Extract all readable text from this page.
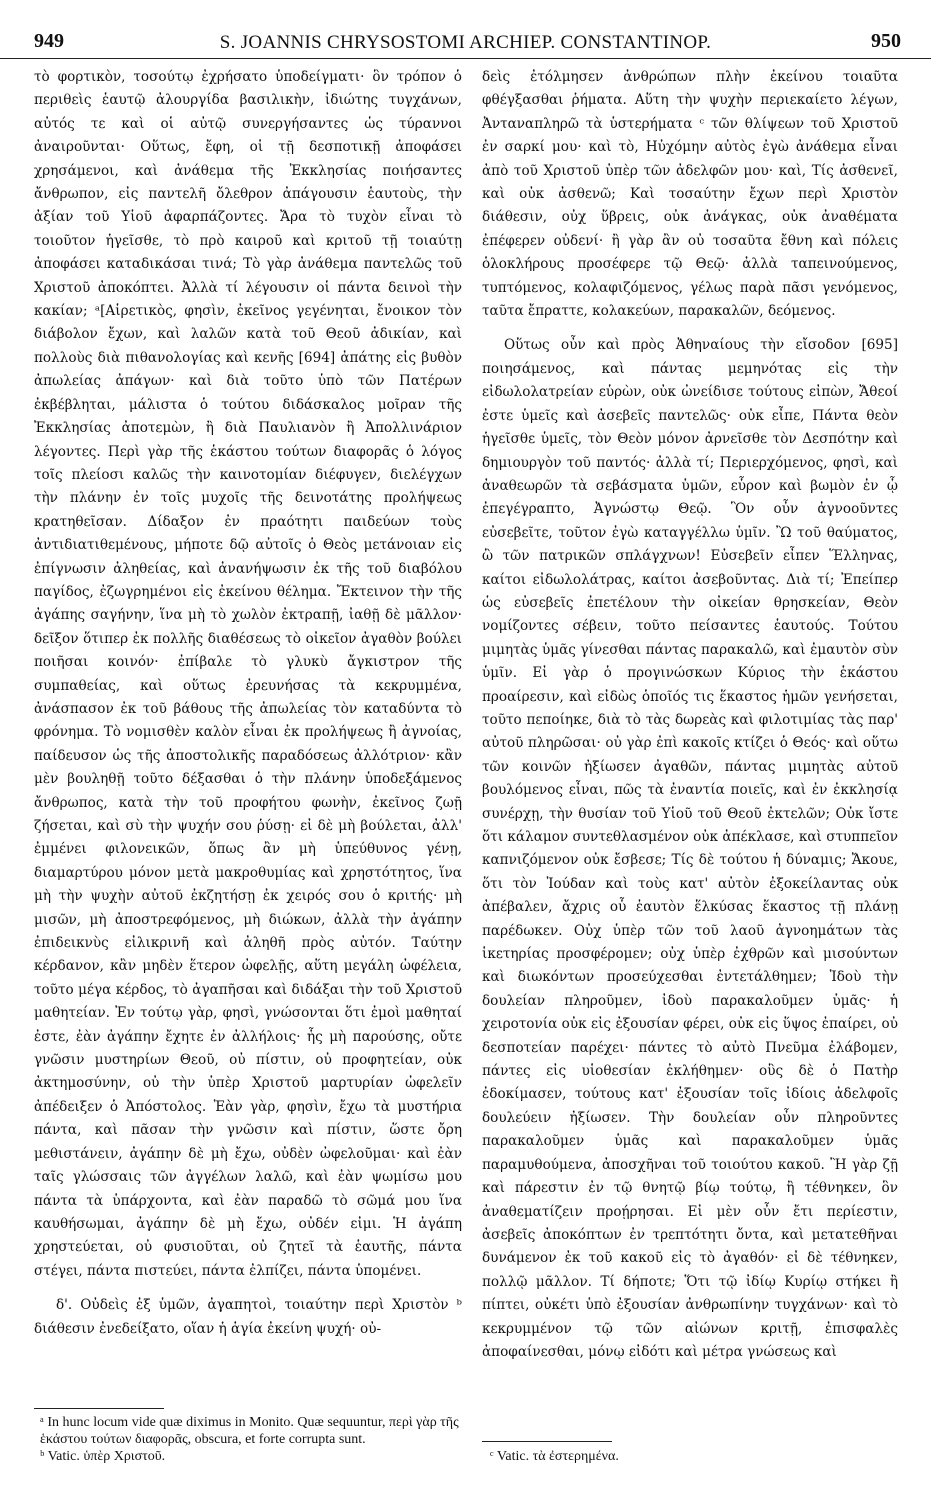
949	S. JOANNIS CHRYSOSTOMI ARCHIEP. CONSTANTINOP.	950

τὸ φορτικὸν, τοσούτῳ ἐχρήσατο ὑποδείγματι· ὃν τρόπον ὁ περιθεὶς ἑαυτῷ ἀλουργίδα βασιλικὴν, ἰδιώτης τυγχάνων, αὐτός τε καὶ οἱ αὐτῷ συνεργήσαντες ὡς τύραννοι ἀναιροῦνται· Οὕτως, ἔφη, οἱ τῇ δεσποτικῇ ἀποφάσει χρησάμενοι, καὶ ἀνάθεμα τῆς Ἐκκλησίας ποιήσαντες ἄνθρωπον, εἰς παντελῆ ὄλεθρον ἀπάγουσιν ἑαυτοὺς, τὴν ἀξίαν τοῦ Υἱοῦ ἀφαρπάζοντες. Ἄρα τὸ τυχὸν εἶναι τὸ τοιοῦτον ἡγεῖσθε, τὸ πρὸ καιροῦ καὶ κριτοῦ τῇ τοιαύτῃ ἀποφάσει καταδικάσαι τινά; Τὸ γὰρ ἀνάθεμα παντελῶς τοῦ Χριστοῦ ἀποκόπτει. Ἀλλὰ τί λέγουσιν οἱ πάντα δεινοὶ τὴν κακίαν; ᵃ[Αἱρετικὸς, φησὶν, ἐκεῖνος γεγένηται, ἔνοικον τὸν διάβολον ἔχων, καὶ λαλῶν κατὰ τοῦ Θεοῦ ἀδικίαν, καὶ πολλοὺς διὰ πιθανολογίας καὶ κενῆς [694] ἀπάτης εἰς βυθὸν ἀπωλείας ἀπάγων· καὶ διὰ τοῦτο ὑπὸ τῶν Πατέρων ἐκβέβληται, μάλιστα ὁ τούτου διδάσκαλος μοῖραν τῆς Ἐκκλησίας ἀποτεμὼν, ἢ διὰ Παυλιανὸν ἢ Ἀπολλινάριον λέγοντες. Περὶ γὰρ τῆς ἑκάστου τούτων διαφορᾶς ὁ λόγος τοῖς πλείοσι καλῶς τὴν καινοτομίαν διέφυγεν, διελέγχων τὴν πλάνην ἐν τοῖς μυχοῖς τῆς δεινοτάτης προλήψεως κρατηθεῖσαν. Δίδαξον ἐν πραότητι παιδεύων τοὺς ἀντιδιατιθεμένους, μήποτε δῷ αὐτοῖς ὁ Θεὸς μετάνοιαν εἰς ἐπίγνωσιν ἀληθείας, καὶ ἀνανήψωσιν ἐκ τῆς τοῦ διαβόλου παγίδος, ἐζωγρημένοι εἰς ἐκείνου θέλημα. Ἔκτεινον τὴν τῆς ἀγάπης σαγήνην, ἵνα μὴ τὸ χωλὸν ἐκτραπῇ, ἰαθῇ δὲ μᾶλλον· δεῖξον ὅτιπερ ἐκ πολλῆς διαθέσεως τὸ οἰκεῖον ἀγαθὸν βούλει ποιῆσαι κοινόν· ἐπίβαλε τὸ γλυκὺ ἄγκιστρον τῆς συμπαθείας, καὶ οὕτως ἐρευνήσας τὰ κεκρυμμένα, ἀνάσπασον ἐκ τοῦ βάθους τῆς ἀπωλείας τὸν καταδύντα τὸ φρόνημα. Τὸ νομισθὲν καλὸν εἶναι ἐκ προλήψεως ἢ ἀγνοίας, παίδευσον ὡς τῆς ἀποστολικῆς παραδόσεως ἀλλότριον· κἂν μὲν βουληθῇ τοῦτο δέξασθαι ὁ τὴν πλάνην ὑποδεξάμενος ἄνθρωπος, κατὰ τὴν τοῦ προφήτου φωνὴν, ἐκεῖνος ζωῇ ζήσεται, καὶ σὺ τὴν ψυχήν σου ῥύσῃ· εἰ δὲ μὴ βούλεται, ἀλλ' ἐμμένει φιλονεικῶν, ὅπως ἂν μὴ ὑπεύθυνος γένῃ, διαμαρτύρου μόνον μετὰ μακροθυμίας καὶ χρηστότητος, ἵνα μὴ τὴν ψυχὴν αὐτοῦ ἐκζητήσῃ ἐκ χειρός σου ὁ κριτής· μὴ μισῶν, μὴ ἀποστρεφόμενος, μὴ διώκων, ἀλλὰ τὴν ἀγάπην ἐπιδεικνὺς εἰλικρινῆ καὶ ἀληθῆ πρὸς αὐτόν. Ταύτην κέρδανον, κἂν μηδὲν ἕτερον ὠφελῇς, αὕτη μεγάλη ὠφέλεια, τοῦτο μέγα κέρδος, τὸ ἀγαπῆσαι καὶ διδάξαι τὴν τοῦ Χριστοῦ μαθητείαν. Ἐν τούτῳ γὰρ, φησὶ, γνώσονται ὅτι ἐμοὶ μαθηταί ἐστε, ἐὰν ἀγάπην ἔχητε ἐν ἀλλήλοις· ἧς μὴ παρούσης, οὔτε γνῶσιν μυστηρίων Θεοῦ, οὐ πίστιν, οὐ προφητείαν, οὐκ ἀκτημοσύνην, οὐ τὴν ὑπὲρ Χριστοῦ μαρτυρίαν ὠφελεῖν ἀπέδειξεν ὁ Ἀπόστολος. Ἐὰν γὰρ, φησὶν, ἔχω τὰ μυστήρια πάντα, καὶ πᾶσαν τὴν γνῶσιν καὶ πίστιν, ὥστε ὄρη μεθιστάνειν, ἀγάπην δὲ μὴ ἔχω, οὐδὲν ὠφελοῦμαι· καὶ ἐὰν ταῖς γλώσσαις τῶν ἀγγέλων λαλῶ, καὶ ἐὰν ψωμίσω μου πάντα τὰ ὑπάρχοντα, καὶ ἐὰν παραδῶ τὸ σῶμά μου ἵνα καυθήσωμαι, ἀγάπην δὲ μὴ ἔχω, οὐδέν εἰμι. Ἡ ἀγάπη χρηστεύεται, οὐ φυσιοῦται, οὐ ζητεῖ τὰ ἑαυτῆς, πάντα στέγει, πάντα πιστεύει, πάντα ἐλπίζει, πάντα ὑπομένει.

δ'. Οὐδεὶς ἐξ ὑμῶν, ἀγαπητοὶ, τοιαύτην περὶ Χριστὸν ᵇ διάθεσιν ἐνεδείξατο, οἵαν ἡ ἁγία ἐκείνη ψυχή· οὐ-

δεὶς ἐτόλμησεν ἀνθρώπων πλὴν ἐκείνου τοιαῦτα φθέγξασθαι ῥήματα. Αὕτη τὴν ψυχὴν περιεκαίετο λέγων, Ἀνταναπληρῶ τὰ ὑστερήματα ᶜ τῶν θλίψεων τοῦ Χριστοῦ ἐν σαρκί μου· καὶ τὸ, Ηὐχόμην αὐτὸς ἐγὼ ἀνάθεμα εἶναι ἀπὸ τοῦ Χριστοῦ ὑπὲρ τῶν ἀδελφῶν μου· καὶ, Τίς ἀσθενεῖ, καὶ οὐκ ἀσθενῶ; Καὶ τοσαύτην ἔχων περὶ Χριστὸν διάθεσιν, οὐχ ὕβρεις, οὐκ ἀνάγκας, οὐκ ἀναθέματα ἐπέφερεν οὐδενί· ἢ γὰρ ἂν οὐ τοσαῦτα ἔθνη καὶ πόλεις ὁλοκλήρους προσέφερε τῷ Θεῷ· ἀλλὰ ταπεινούμενος, τυπτόμενος, κολαφιζόμενος, γέλως παρὰ πᾶσι γενόμενος, ταῦτα ἔπραττε, κολακεύων, παρακαλῶν, δεόμενος.

Οὕτως οὖν καὶ πρὸς Ἀθηναίους τὴν εἴσοδον [695] ποιησάμενος, καὶ πάντας μεμηνότας εἰς τὴν εἰδωλολατρείαν εὑρὼν, οὐκ ὠνείδισε τούτους εἰπὼν, Ἄθεοί ἐστε ὑμεῖς καὶ ἀσεβεῖς παντελῶς· οὐκ εἶπε, Πάντα θεὸν ἡγεῖσθε ὑμεῖς, τὸν Θεὸν μόνον ἀρνεῖσθε τὸν Δεσπότην καὶ δημιουργὸν τοῦ παντός· ἀλλὰ τί; Περιερχόμενος, φησὶ, καὶ ἀναθεωρῶν τὰ σεβάσματα ὑμῶν, εὗρον καὶ βωμὸν ἐν ᾧ ἐπεγέγραπτο, Ἀγνώστῳ Θεῷ. Ὃν οὖν ἀγνοοῦντες εὐσεβεῖτε, τοῦτον ἐγὼ καταγγέλλω ὑμῖν. Ὢ τοῦ θαύματος, ὢ τῶν πατρικῶν σπλάγχνων! Εὐσεβεῖν εἶπεν Ἕλληνας, καίτοι εἰδωλολάτρας, καίτοι ἀσεβοῦντας. Διὰ τί; Ἐπείπερ ὡς εὐσεβεῖς ἐπετέλουν τὴν οἰκείαν θρησκείαν, Θεὸν νομίζοντες σέβειν, τοῦτο πείσαντες ἑαυτούς. Τούτου μιμητὰς ὑμᾶς γίνεσθαι πάντας παρακαλῶ, καὶ ἐμαυτὸν σὺν ὑμῖν. Εἰ γὰρ ὁ προγινώσκων Κύριος τὴν ἑκάστου προαίρεσιν, καὶ εἰδὼς ὁποῖός τις ἕκαστος ἡμῶν γενήσεται, τοῦτο πεποίηκε, διὰ τὸ τὰς δωρεὰς καὶ φιλοτιμίας τὰς παρ' αὐτοῦ πληρῶσαι· οὐ γὰρ ἐπὶ κακοῖς κτίζει ὁ Θεός· καὶ οὕτω τῶν κοινῶν ἠξίωσεν ἀγαθῶν, πάντας μιμητὰς αὐτοῦ βουλόμενος εἶναι, πῶς τὰ ἐναντία ποιεῖς, καὶ ἐν ἐκκλησίᾳ συνέρχῃ, τὴν θυσίαν τοῦ Υἱοῦ τοῦ Θεοῦ ἐκτελῶν; Οὐκ ἴστε ὅτι κάλαμον συντεθλασμένον οὐκ ἀπέκλασε, καὶ στυππεῖον καπνιζόμενον οὐκ ἔσβεσε; Τίς δὲ τούτου ἡ δύναμις; Ἄκουε, ὅτι τὸν Ἰούδαν καὶ τοὺς κατ' αὐτὸν ἐξοκείλαντας οὐκ ἀπέβαλεν, ἄχρις οὗ ἑαυτὸν ἕλκύσας ἕκαστος τῇ πλάνῃ παρέδωκεν. Οὐχ ὑπὲρ τῶν τοῦ λαοῦ ἀγνοημάτων τὰς ἱκετηρίας προσφέρομεν; οὐχ ὑπὲρ ἐχθρῶν καὶ μισούντων καὶ διωκόντων προσεύχεσθαι ἐντετάλθημεν; Ἰδοὺ τὴν δουλείαν πληροῦμεν, ἰδοὺ παρακαλοῦμεν ὑμᾶς· ἡ χειροτονία οὐκ εἰς ἐξουσίαν φέρει, οὐκ εἰς ὕψος ἐπαίρει, οὐ δεσποτείαν παρέχει· πάντες τὸ αὐτὸ Πνεῦμα ἐλάβομεν, πάντες εἰς υἱοθεσίαν ἐκλήθημεν· οὓς δὲ ὁ Πατὴρ ἐδοκίμασεν, τούτους κατ' ἐξουσίαν τοῖς ἰδίοις ἀδελφοῖς δουλεύειν ἠξίωσεν. Τὴν δουλείαν οὖν πληροῦντες παρακαλοῦμεν ὑμᾶς καὶ παρακαλοῦμεν ὑμᾶς παραμυθούμενα, ἀποσχῆναι τοῦ τοιούτου κακοῦ. Ἢ γὰρ ζῇ καὶ πάρεστιν ἐν τῷ θνητῷ βίῳ τούτῳ, ἢ τέθνηκεν, ὃν ἀναθεματίζειν προῄρησαι. Εἰ μὲν οὖν ἔτι περίεστιν, ἀσεβεῖς ἀποκόπτων ἐν τρεπτότητι ὄντα, καὶ μετατεθῆναι δυνάμενον ἐκ τοῦ κακοῦ εἰς τὸ ἀγαθόν· εἰ δὲ τέθνηκεν, πολλῷ μᾶλλον. Τί δήποτε; Ὅτι τῷ ἰδίῳ Κυρίῳ στήκει ἢ πίπτει, οὐκέτι ὑπὸ ἐξουσίαν ἀνθρωπίνην τυγχάνων· καὶ τὸ κεκρυμμένον τῷ τῶν αἰώνων κριτῇ, ἐπισφαλὲς ἀποφαίνεσθαι, μόνῳ εἰδότι καὶ μέτρα γνώσεως καὶ

ᵃ In hunc locum vide quæ diximus in Monito. Quæ sequuntur, περὶ γὰρ τῆς ἑκάστου τούτων διαφορᾶς, obscura, et forte corrupta sunt.
ᵇ Vatic. ὑπὲρ Χριστοῦ.	ᶜ Vatic. τὰ ἐστερημένα.
